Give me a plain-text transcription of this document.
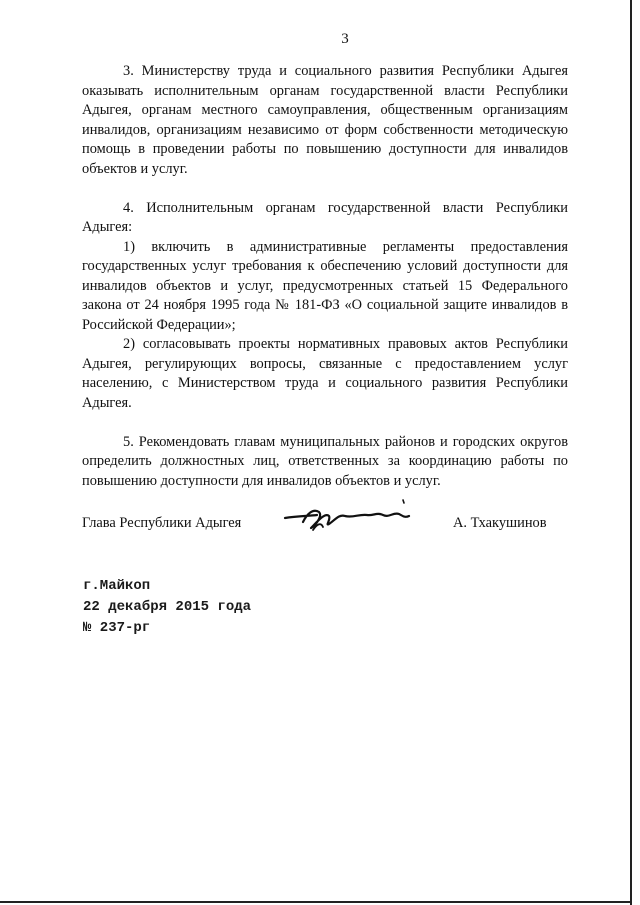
3

3. Министерству труда и социального развития Республики Адыгея оказывать исполнительным органам государственной власти Республики Адыгея, органам местного самоуправления, общественным организациям инвалидов, организациям независимо от форм собственности методическую помощь в проведении работы по повышению доступности для инвалидов объектов и услуг.

4. Исполнительным органам государственной власти Республики Адыгея:

1) включить в административные регламенты предоставления государственных услуг требования к обеспечению условий доступности для инвалидов объектов и услуг, предусмотренных статьей 15 Федерального закона от 24 ноября 1995 года № 181-ФЗ «О социальной защите инвалидов в Российской Федерации»;

2) согласовывать проекты нормативных правовых актов Республики Адыгея, регулирующих вопросы, связанные с предоставлением услуг населению, с Министерством труда и социального развития Республики Адыгея.

5. Рекомендовать главам муниципальных районов и городских округов определить должностных лиц, ответственных за координацию работы по повышению доступности для инвалидов объектов и услуг.

Глава Республики Адыгея	А. Тхакушинов
г.Майкоп
22 декабря 2015 года
№ 237-рг
